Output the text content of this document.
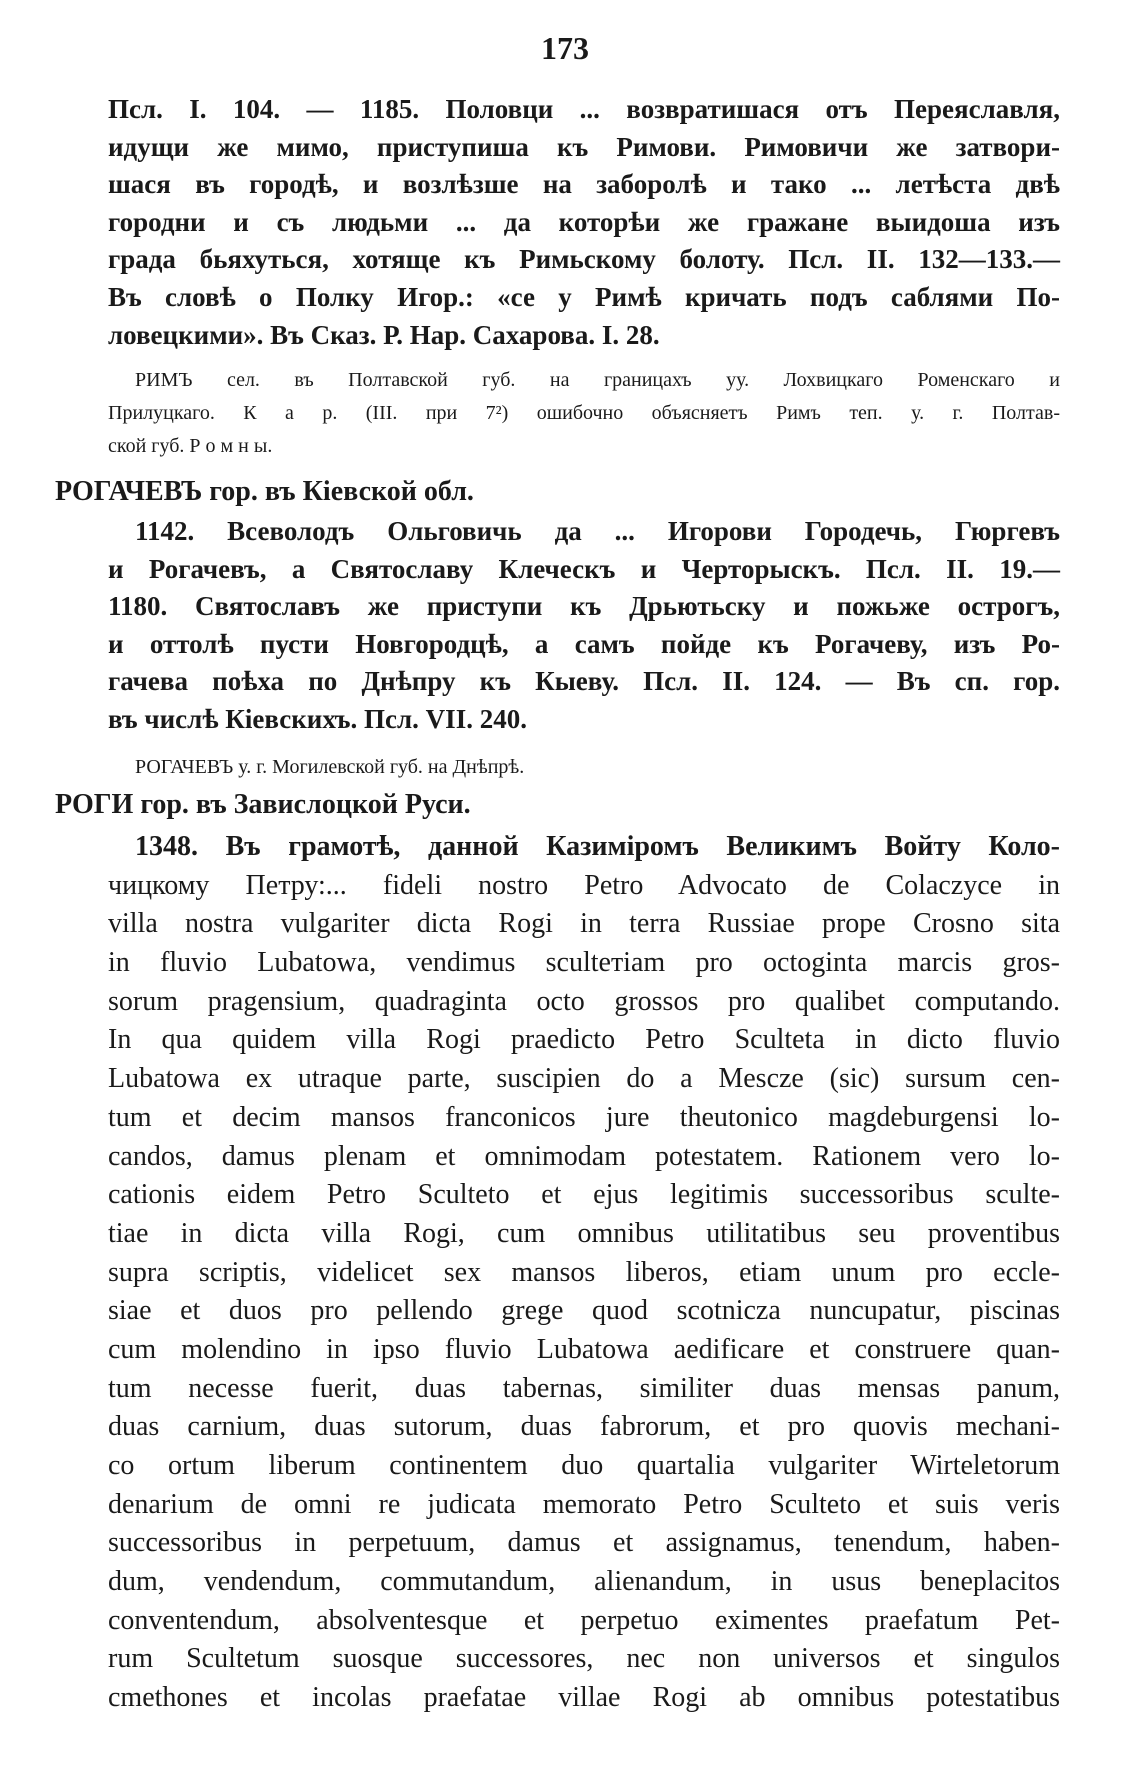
173
Псл. I. 104. — 1185. Половци ... возвратишася отъ Переяславля,
идущи же мимо, приступиша къ Римови. Римовичи же затвори-
шася въ городѣ, и возлѣзше на заборолѣ и тако ... летѣста двѣ
городни и съ людьми ... да которѣи же гражане выидоша изъ
града бьяхуться, хотяще къ Римьскому болоту. Псл. II. 132—133.—
Въ словѣ о Полку Игор.: «се у Римѣ кричать подъ саблями По-
ловецкими». Въ Сказ. Р. Нар. Сахарова. I. 28.
РИМЪ сел. въ Полтавской губ. на границахъ уу. Лохвицкаго Роменскаго и
Прилуцкаго. К а р. (III. при 7²) ошибочно объясняетъ Римъ теп. у. г. Полтав-
ской губ. Р о м н ы.
РОГАЧЕВЪ гор. въ Кіевской обл.
1142. Всеволодъ Ольговичь да ... Игорови Городечь, Гюргевъ
и Рогачевъ, а Святославу Клеческъ и Черторыскъ. Псл. II. 19.—
1180. Святославъ же приступи къ Дрьютьску и пожьже острогъ,
и оттолѣ пусти Новгородцѣ, а самъ пойде къ Рогачеву, изъ Ро-
гачева поѣха по Днѣпру къ Кыеву. Псл. II. 124. — Въ сп. гор.
въ числѣ Кіевскихъ. Псл. VII. 240.
РОГАЧЕВЪ у. г. Могилевской губ. на Днѣпрѣ.
РОГИ гор. въ Завислоцкой Руси.
1348. Въ грамотѣ, данной Казиміромъ Великимъ Войту Коло-
чицкому Петру:... fideli nostro Petro Advocato de Colaczyce in
villa nostra vulgariter dicta Rogi in terra Russiae prope Crosno sita
in fluvio Lubatowa, vendimus sculteтiam pro octoginta marcis gros-
sorum pragensium, quadraginta octo grossos pro qualibet computando.
In qua quidem villa Rogi praedicto Petro Sculteta in dicto fluvio
Lubatowa ex utraque parte, suscipien do a Mescze (sic) sursum cen-
tum et decim mansos franconicos jure theutonico magdeburgensi lo-
candos, damus plenam et omnimodam potestatem. Rationem vero lo-
cationis eidem Petro Sculteto et ejus legitimis successoribus sculte-
tiae in dicta villa Rogi, cum omnibus utilitatibus seu proventibus
supra scriptis, videlicet sex mansos liberos, etiam unum pro eccle-
siae et duos pro pellendo grege quod scotnicza nuncupatur, piscinas
cum molendino in ipso fluvio Lubatowa aedificare et construere quan-
tum necesse fuerit, duas tabernas, similiter duas mensas panum,
duas carnium, duas sutorum, duas fabrorum, et pro quovis mechani-
co ortum liberum continentem duo quartalia vulgariter Wirteletorum
denarium de omni re judicata memorato Petro Sculteto et suis veris
successoribus in perpetuum, damus et assignamus, tenendum, haben-
dum, vendendum, commutandum, alienandum, in usus beneplacitos
conventendum, absolventesque et perpetuo eximentes praefatum Pet-
rum Scultetum suosque successores, nec non universos et singulos
cmethones et incolas praefatae villae Rogi ab omnibus potestatibus
